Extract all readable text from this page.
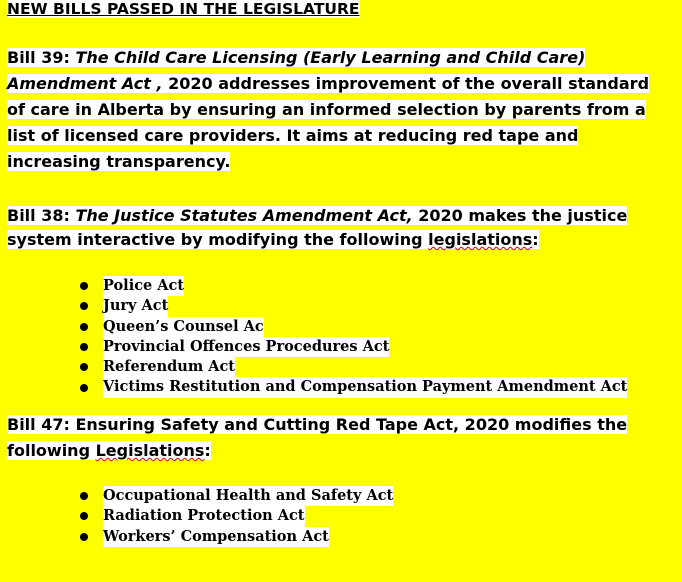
NEW BILLS PASSED IN THE LEGISLATURE
Bill 39: The Child Care Licensing (Early Learning and Child Care) Amendment Act , 2020 addresses improvement of the overall standard of care in Alberta by ensuring an informed selection by parents from a list of licensed care providers. It aims at reducing red tape and increasing transparency.
Bill 38: The Justice Statutes Amendment Act, 2020 makes the justice system interactive by modifying the following legislations:
Police Act
Jury Act
Queen’s Counsel Ac
Provincial Offences Procedures Act
Referendum Act
Victims Restitution and Compensation Payment Amendment Act
Bill 47: Ensuring Safety and Cutting Red Tape Act, 2020 modifies the following Legislations:
Occupational Health and Safety Act
Radiation Protection Act
Workers’ Compensation Act
